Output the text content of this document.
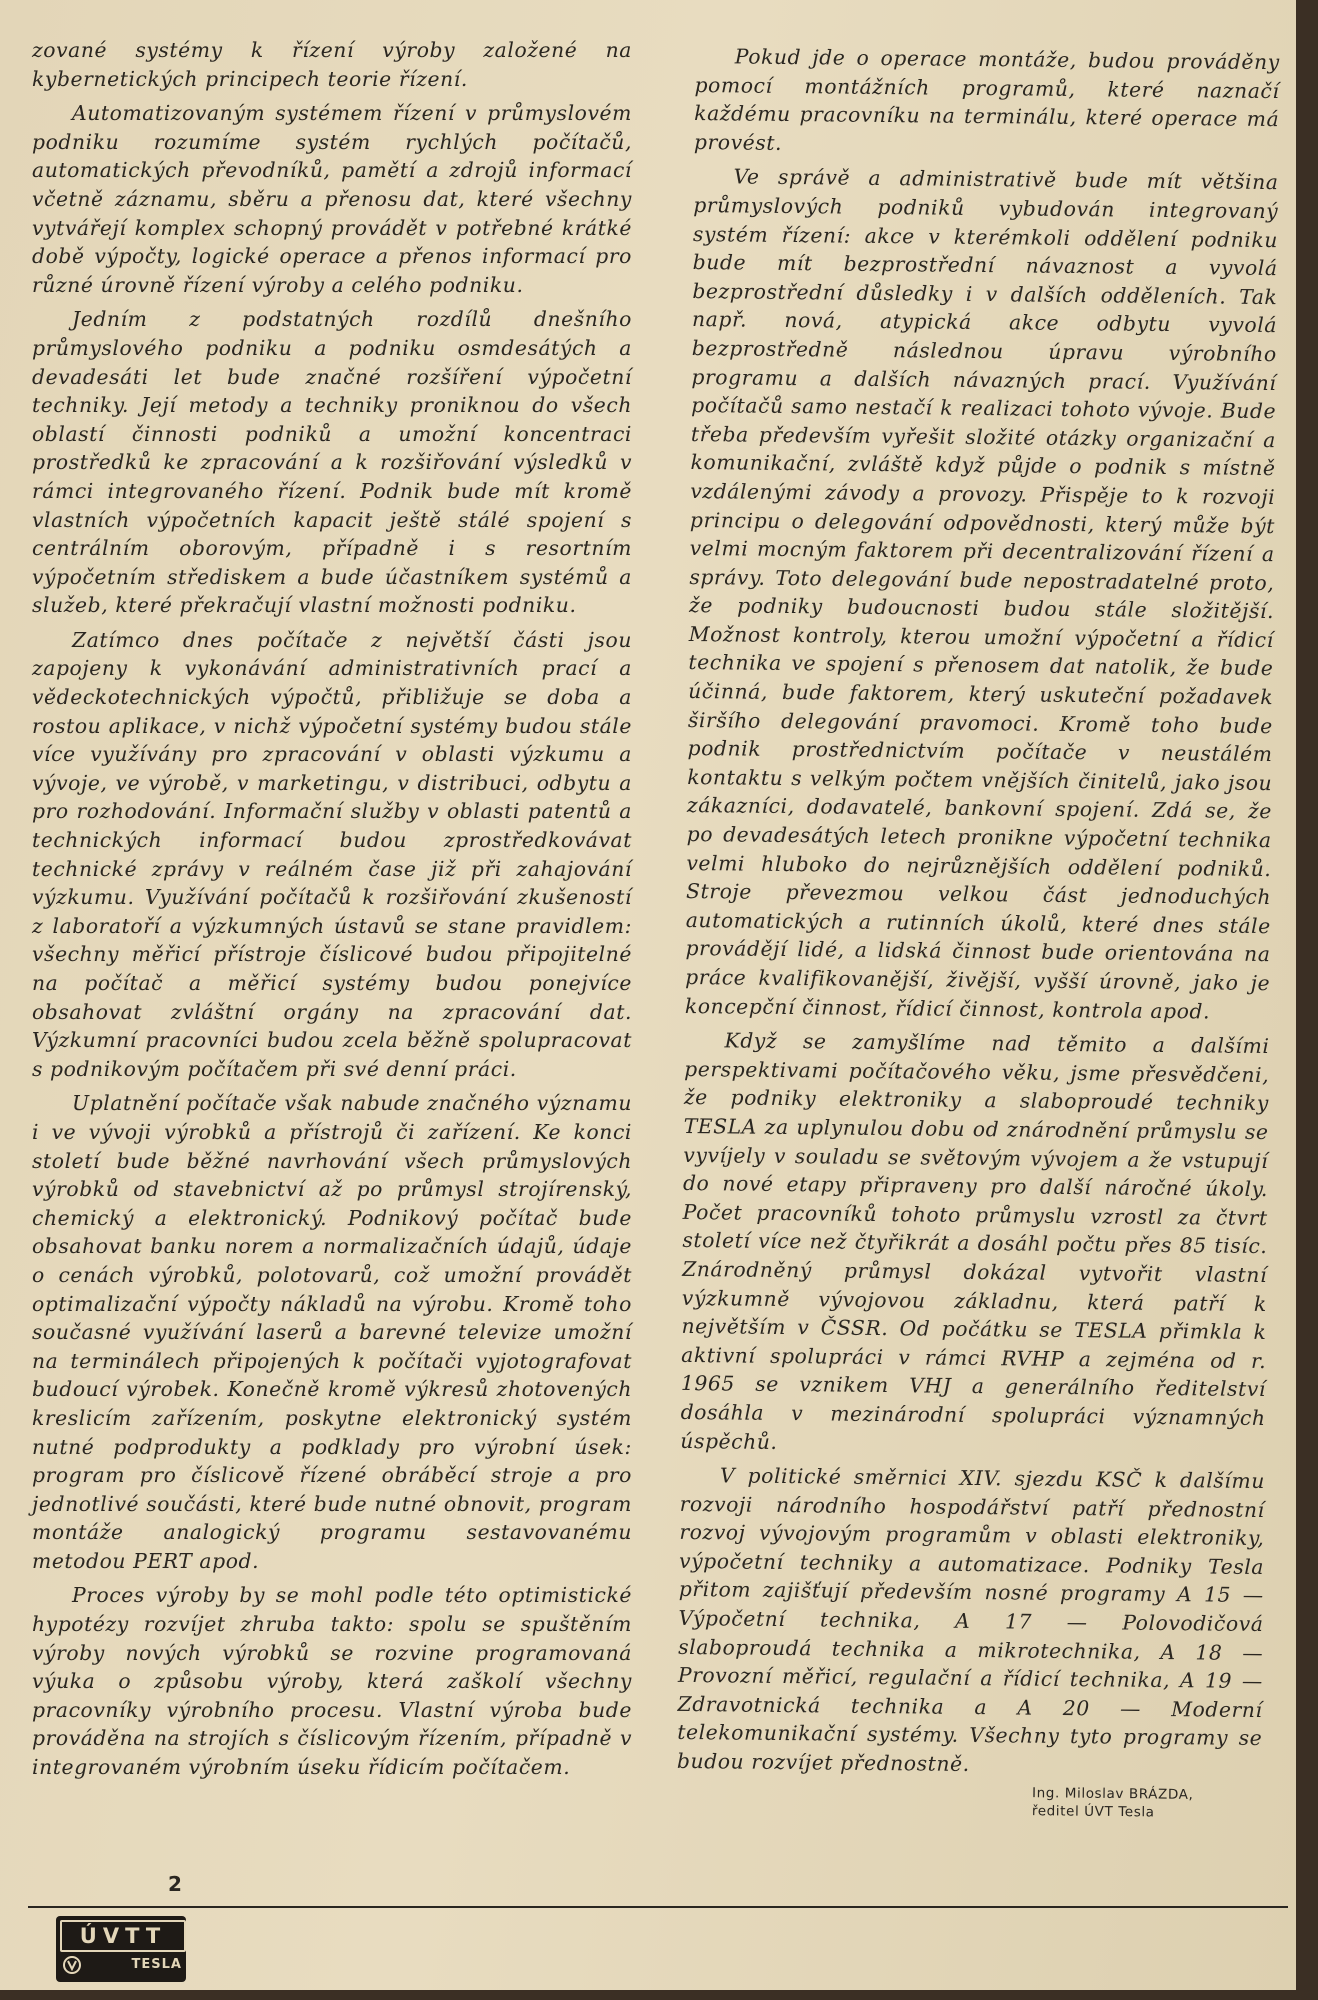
zované systémy k řízení výroby založené na kybernetických principech teorie řízení.

Automatizovaným systémem řízení v průmyslovém podniku rozumíme systém rychlých počítačů, automatických převodníků, pamětí a zdrojů informací včetně záznamu, sběru a přenosu dat, které všechny vytvářejí komplex schopný provádět v potřebné krátké době výpočty, logické operace a přenos informací pro různé úrovně řízení výroby a celého podniku.

Jedním z podstatných rozdílů dnešního průmyslového podniku a podniku osmdesátých a devadesáti let bude značné rozšíření výpočetní techniky. Její metody a techniky proniknou do všech oblastí činnosti podniků a umožní koncentraci prostředků ke zpracování a k rozšiřování výsledků v rámci integrovaného řízení. Podnik bude mít kromě vlastních výpočetních kapacit ještě stálé spojení s centrálním oborovým, případně i s resortním výpočetním střediskem a bude účastníkem systémů a služeb, které překračují vlastní možnosti podniku.

Zatímco dnes počítače z největší části jsou zapojeny k vykonávání administrativních prací a vědeckotechnických výpočtů, přibližuje se doba a rostou aplikace, v nichž výpočetní systémy budou stále více využívány pro zpracování v oblasti výzkumu a vývoje, ve výrobě, v marketingu, v distribuci, odbytu a pro rozhodování. Informační služby v oblasti patentů a technických informací budou zprostředkovávat technické zprávy v reálném čase již při zahajování výzkumu. Využívání počítačů k rozšiřování zkušeností z laboratoří a výzkumných ústavů se stane pravidlem: všechny měřicí přístroje číslicové budou připojitelné na počítač a měřicí systémy budou ponejvíce obsahovat zvláštní orgány na zpracování dat. Výzkumní pracovníci budou zcela běžně spolupracovat s podnikovým počítačem při své denní práci.

Uplatnění počítače však nabude značného významu i ve vývoji výrobků a přístrojů či zařízení. Ke konci století bude běžné navrhování všech průmyslových výrobků od stavebnictví až po průmysl strojírenský, chemický a elektronický. Podnikový počítač bude obsahovat banku norem a normalizačních údajů, údaje o cenách výrobků, polotovarů, což umožní provádět optimalizační výpočty nákladů na výrobu. Kromě toho současné využívání laserů a barevné televize umožní na terminálech připojených k počítači vyjotografovat budoucí výrobek. Konečně kromě výkresů zhotovených kreslicím zařízením, poskytne elektronický systém nutné podprodukty a podklady pro výrobní úsek: program pro číslicově řízené obráběcí stroje a pro jednotlivé součásti, které bude nutné obnovit, program montáže analogický programu sestavovanému metodou PERT apod.

Proces výroby by se mohl podle této optimistické hypotézy rozvíjet zhruba takto: spolu se spuštěním výroby nových výrobků se rozvine programovaná výuka o způsobu výroby, která zaškolí všechny pracovníky výrobního procesu. Vlastní výroba bude prováděna na strojích s číslicovým řízením, případně v integrovaném výrobním úseku řídicím počítačem.

Pokud jde o operace montáže, budou prováděny pomocí montážních programů, které naznačí každému pracovníku na terminálu, které operace má provést.

Ve správě a administrativě bude mít většina průmyslových podniků vybudován integrovaný systém řízení: akce v kterémkoli oddělení podniku bude mít bezprostřední návaznost a vyvolá bezprostřední důsledky i v dalších odděleních. Tak např. nová, atypická akce odbytu vyvolá bezprostředně následnou úpravu výrobního programu a dalších návazných prací. Využívání počítačů samo nestačí k realizaci tohoto vývoje. Bude třeba především vyřešit složité otázky organizační a komunikační, zvláště když půjde o podnik s místně vzdálenými závody a provozy. Přispěje to k rozvoji principu o delegování odpovědnosti, který může být velmi mocným faktorem při decentralizování řízení a správy. Toto delegování bude nepostradatelné proto, že podniky budoucnosti budou stále složitější. Možnost kontroly, kterou umožní výpočetní a řídicí technika ve spojení s přenosem dat natolik, že bude účinná, bude faktorem, který uskuteční požadavek širšího delegování pravomoci. Kromě toho bude podnik prostřednictvím počítače v neustálém kontaktu s velkým počtem vnějších činitelů, jako jsou zákazníci, dodavatelé, bankovní spojení. Zdá se, že po devadesátých letech pronikne výpočetní technika velmi hluboko do nejrůznějších oddělení podniků. Stroje převezmou velkou část jednoduchých automatických a rutinních úkolů, které dnes stále provádějí lidé, a lidská činnost bude orientována na práce kvalifikovanější, živější, vyšší úrovně, jako je koncepční činnost, řídicí činnost, kontrola apod.

Když se zamyšlíme nad těmito a dalšími perspektivami počítačového věku, jsme přesvědčeni, že podniky elektroniky a slaboproudé techniky TESLA za uplynulou dobu od znárodnění průmyslu se vyvíjely v souladu se světovým vývojem a že vstupují do nové etapy připraveny pro další náročné úkoly. Počet pracovníků tohoto průmyslu vzrostl za čtvrt století více než čtyřikrát a dosáhl počtu přes 85 tisíc. Znárodněný průmysl dokázal vytvořit vlastní výzkumně vývojovou základnu, která patří k největším v ČSSR. Od počátku se TESLA přimkla k aktivní spolupráci v rámci RVHP a zejména od r. 1965 se vznikem VHJ a generálního ředitelství dosáhla v mezinárodní spolupráci významných úspěchů.

V politické směrnici XIV. sjezdu KSČ k dalšímu rozvoji národního hospodářství patří přednostní rozvoj vývojovým programům v oblasti elektroniky, výpočetní techniky a automatizace. Podniky Tesla přitom zajišťují především nosné programy A 15 — Výpočetní technika, A 17 — Polovodičová slaboproudá technika a mikrotechnika, A 18 — Provozní měřicí, regulační a řídicí technika, A 19 — Zdravotnická technika a A 20 — Moderní telekomunikační systémy. Všechny tyto programy se budou rozvíjet přednostně.

Ing. Miloslav BRÁZDA,
ředitel ÚVT Tesla
2
ÚVTT
TESLA
